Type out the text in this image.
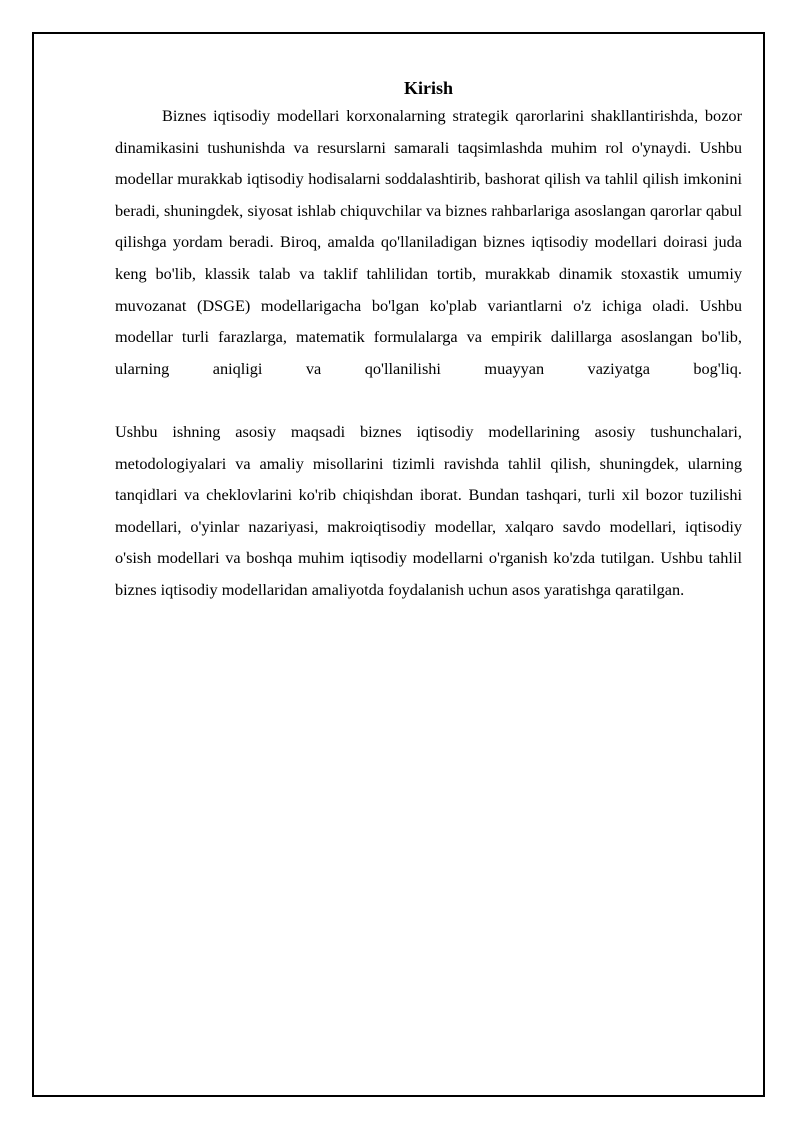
Kirish

Biznes iqtisodiy modellari korxonalarning strategik qarorlarini shakllantirishda, bozor dinamikasini tushunishda va resurslarni samarali taqsimlashda muhim rol o'ynaydi. Ushbu modellar murakkab iqtisodiy hodisalarni soddalashtirib, bashorat qilish va tahlil qilish imkonini beradi, shuningdek, siyosat ishlab chiquvchilar va biznes rahbarlariga asoslangan qarorlar qabul qilishga yordam beradi. Biroq, amalda qo'llaniladigan biznes iqtisodiy modellari doirasi juda keng bo'lib, klassik talab va taklif tahlilidan tortib, murakkab dinamik stoxastik umumiy muvozanat (DSGE) modellarigacha bo'lgan ko'plab variantlarni o'z ichiga oladi. Ushbu modellar turli farazlarga, matematik formulalarga va empirik dalillarga asoslangan bo'lib, ularning aniqligi va qo'llanilishi muayyan vaziyatga bog'liq.

Ushbu ishning asosiy maqsadi biznes iqtisodiy modellarining asosiy tushunchalari, metodologiyalari va amaliy misollarini tizimli ravishda tahlil qilish, shuningdek, ularning tanqidlari va cheklovlarini ko'rib chiqishdan iborat. Bundan tashqari, turli xil bozor tuzilishi modellari, o'yinlar nazariyasi, makroiqtisodiy modellar, xalqaro savdo modellari, iqtisodiy o'sish modellari va boshqa muhim iqtisodiy modellarni o'rganish ko'zda tutilgan. Ushbu tahlil biznes iqtisodiy modellaridan amaliyotda foydalanish uchun asos yaratishga qaratilgan.
